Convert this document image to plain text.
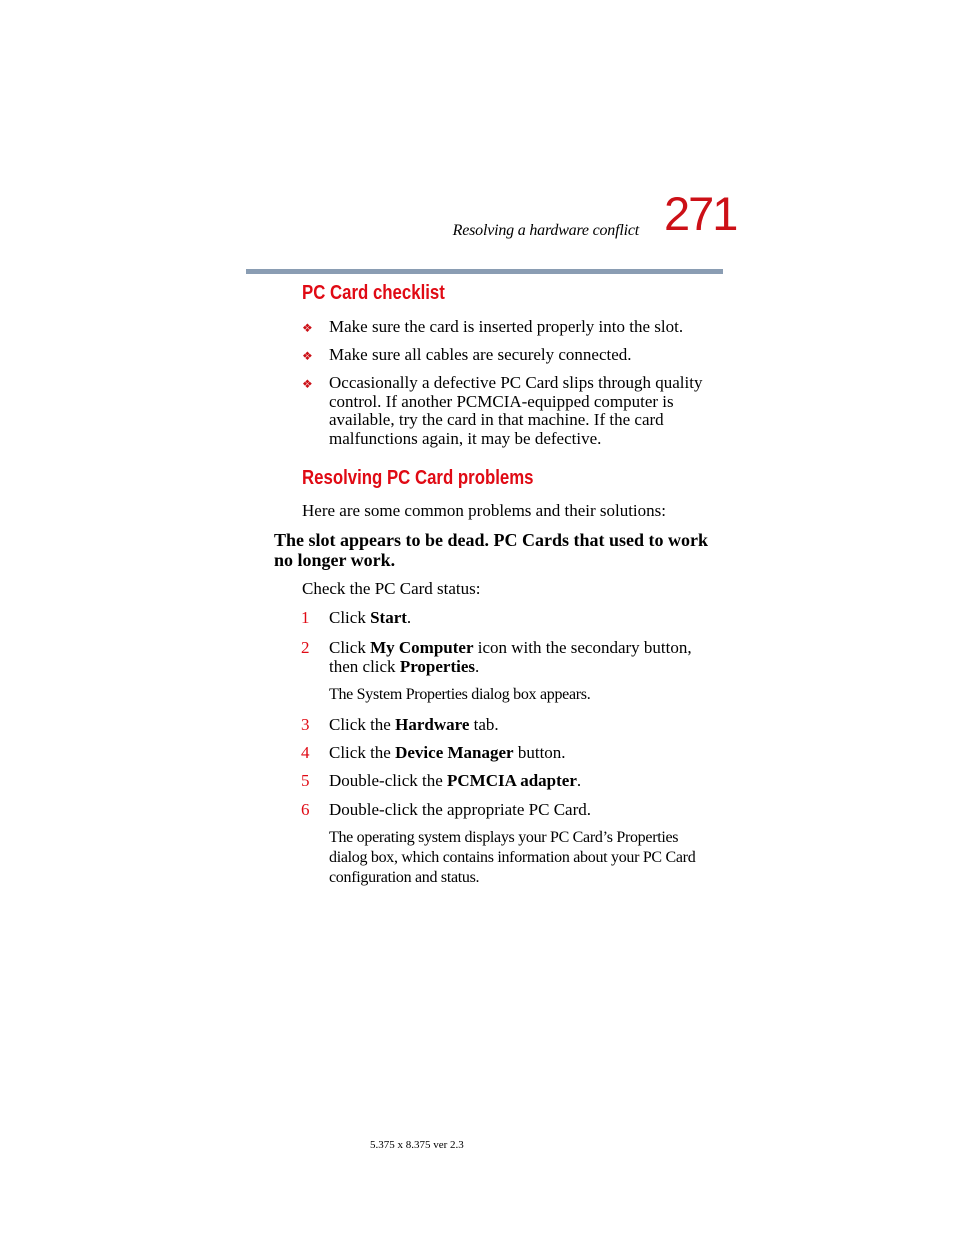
Resolving a hardware conflict 271
PC Card checklist
❖ Make sure the card is inserted properly into the slot.
❖ Make sure all cables are securely connected.
❖ Occasionally a defective PC Card slips through quality control. If another PCMCIA-equipped computer is available, try the card in that machine. If the card malfunctions again, it may be defective.
Resolving PC Card problems
Here are some common problems and their solutions:
The slot appears to be dead. PC Cards that used to work no longer work.
Check the PC Card status:
1 Click Start.
2 Click My Computer icon with the secondary button, then click Properties.
The System Properties dialog box appears.
3 Click the Hardware tab.
4 Click the Device Manager button.
5 Double-click the PCMCIA adapter.
6 Double-click the appropriate PC Card.
The operating system displays your PC Card’s Properties dialog box, which contains information about your PC Card configuration and status.
5.375 x 8.375 ver 2.3
